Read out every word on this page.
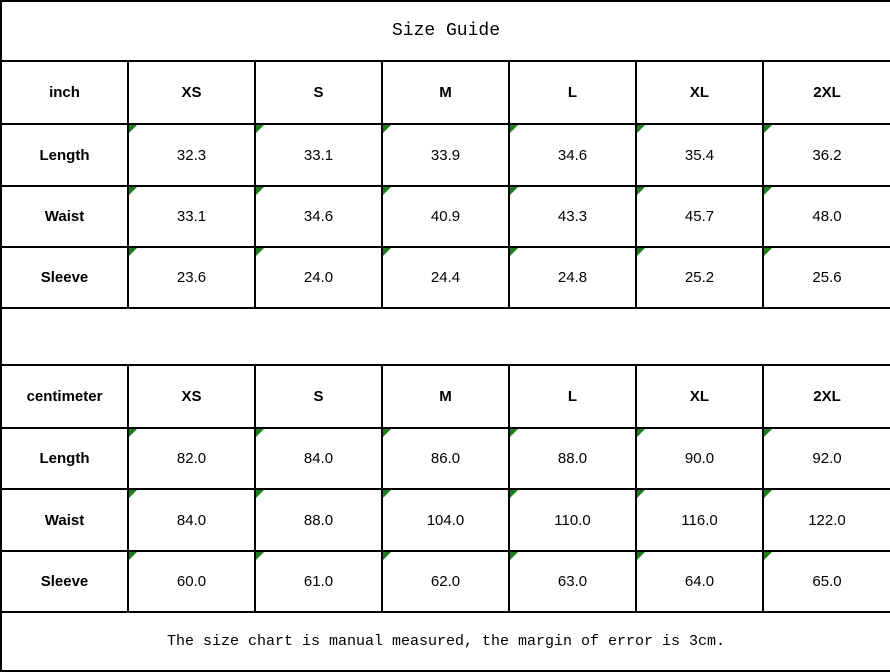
Size Guide						
inch	XS	S	M	L	XL	2XL
Length	32.3	33.1	33.9	34.6	35.4	36.2
Waist	33.1	34.6	40.9	43.3	45.7	48.0
Sleeve	23.6	24.0	24.4	24.8	25.2	25.6

centimeter	XS	S	M	L	XL	2XL
Length	82.0	84.0	86.0	88.0	90.0	92.0
Waist	84.0	88.0	104.0	110.0	116.0	122.0
Sleeve	60.0	61.0	62.0	63.0	64.0	65.0
The size chart is manual measured, the margin of error is 3cm.						
